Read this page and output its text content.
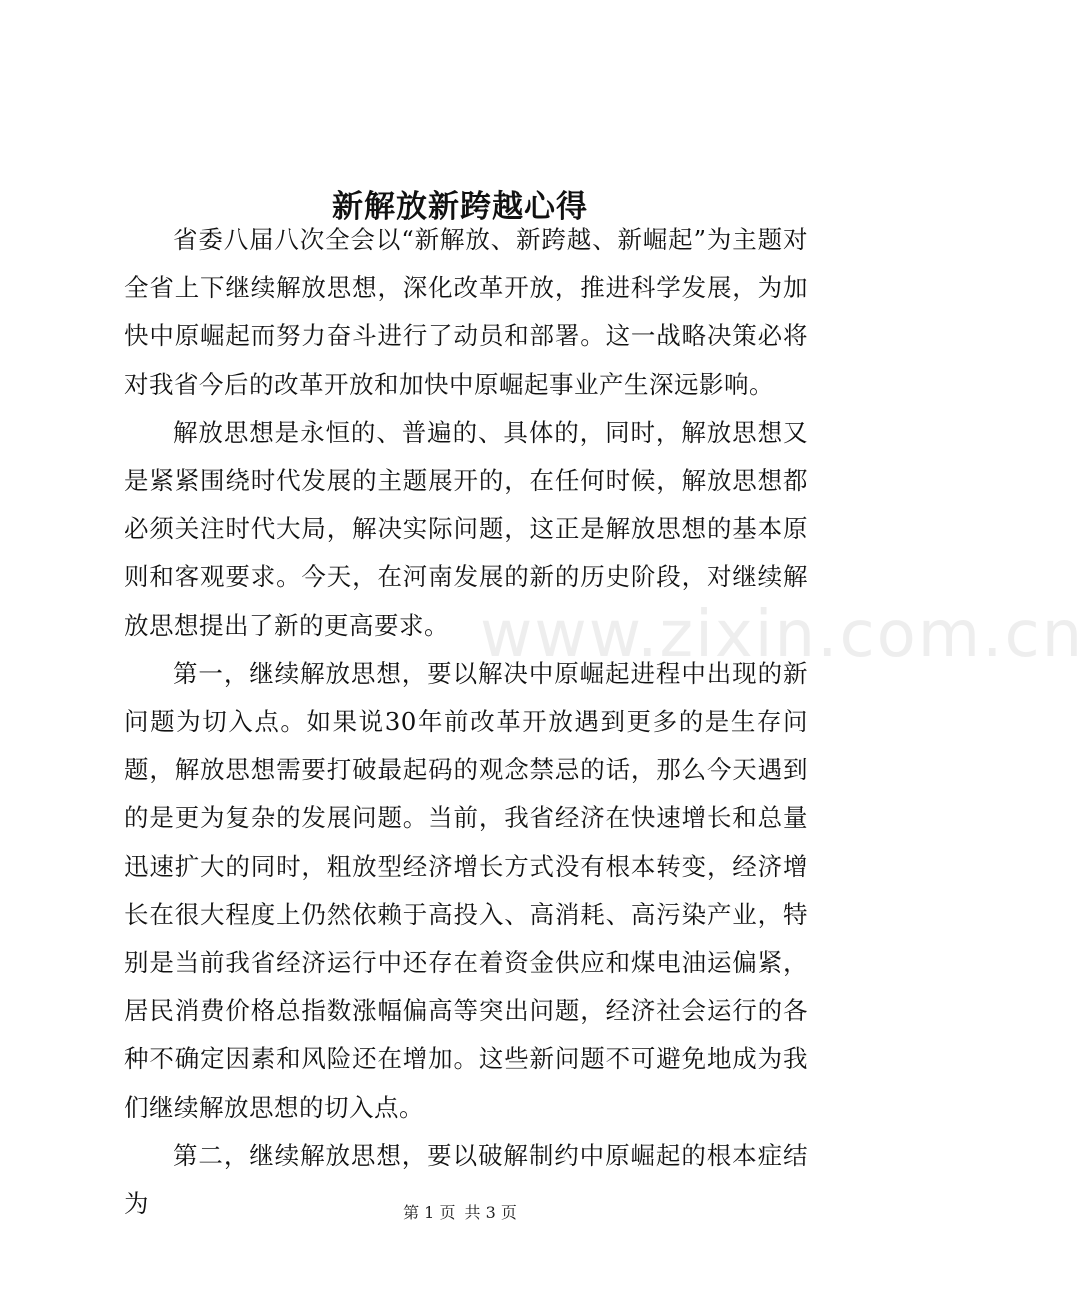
新解放新跨越心得

省委八届八次全会以“新解放、新跨越、新崛起”为主题对全省上下继续解放思想，深化改革开放，推进科学发展，为加快中原崛起而努力奋斗进行了动员和部署。这一战略决策必将对我省今后的改革开放和加快中原崛起事业产生深远影响。

解放思想是永恒的、普遍的、具体的，同时，解放思想又是紧紧围绕时代发展的主题展开的，在任何时候，解放思想都必须关注时代大局，解决实际问题，这正是解放思想的基本原则和客观要求。今天，在河南发展的新的历史阶段，对继续解放思想提出了新的更高要求。

第一，继续解放思想，要以解决中原崛起进程中出现的新问题为切入点。如果说30年前改革开放遇到更多的是生存问题，解放思想需要打破最起码的观念禁忌的话，那么今天遇到的是更为复杂的发展问题。当前，我省经济在快速增长和总量迅速扩大的同时，粗放型经济增长方式没有根本转变，经济增长在很大程度上仍然依赖于高投入、高消耗、高污染产业，特别是当前我省经济运行中还存在着资金供应和煤电油运偏紧，居民消费价格总指数涨幅偏高等突出问题，经济社会运行的各种不确定因素和风险还在增加。这些新问题不可避免地成为我们继续解放思想的切入点。

第二，继续解放思想，要以破解制约中原崛起的根本症结为

www.zixin.com.cn
第 1 页 共 3 页
